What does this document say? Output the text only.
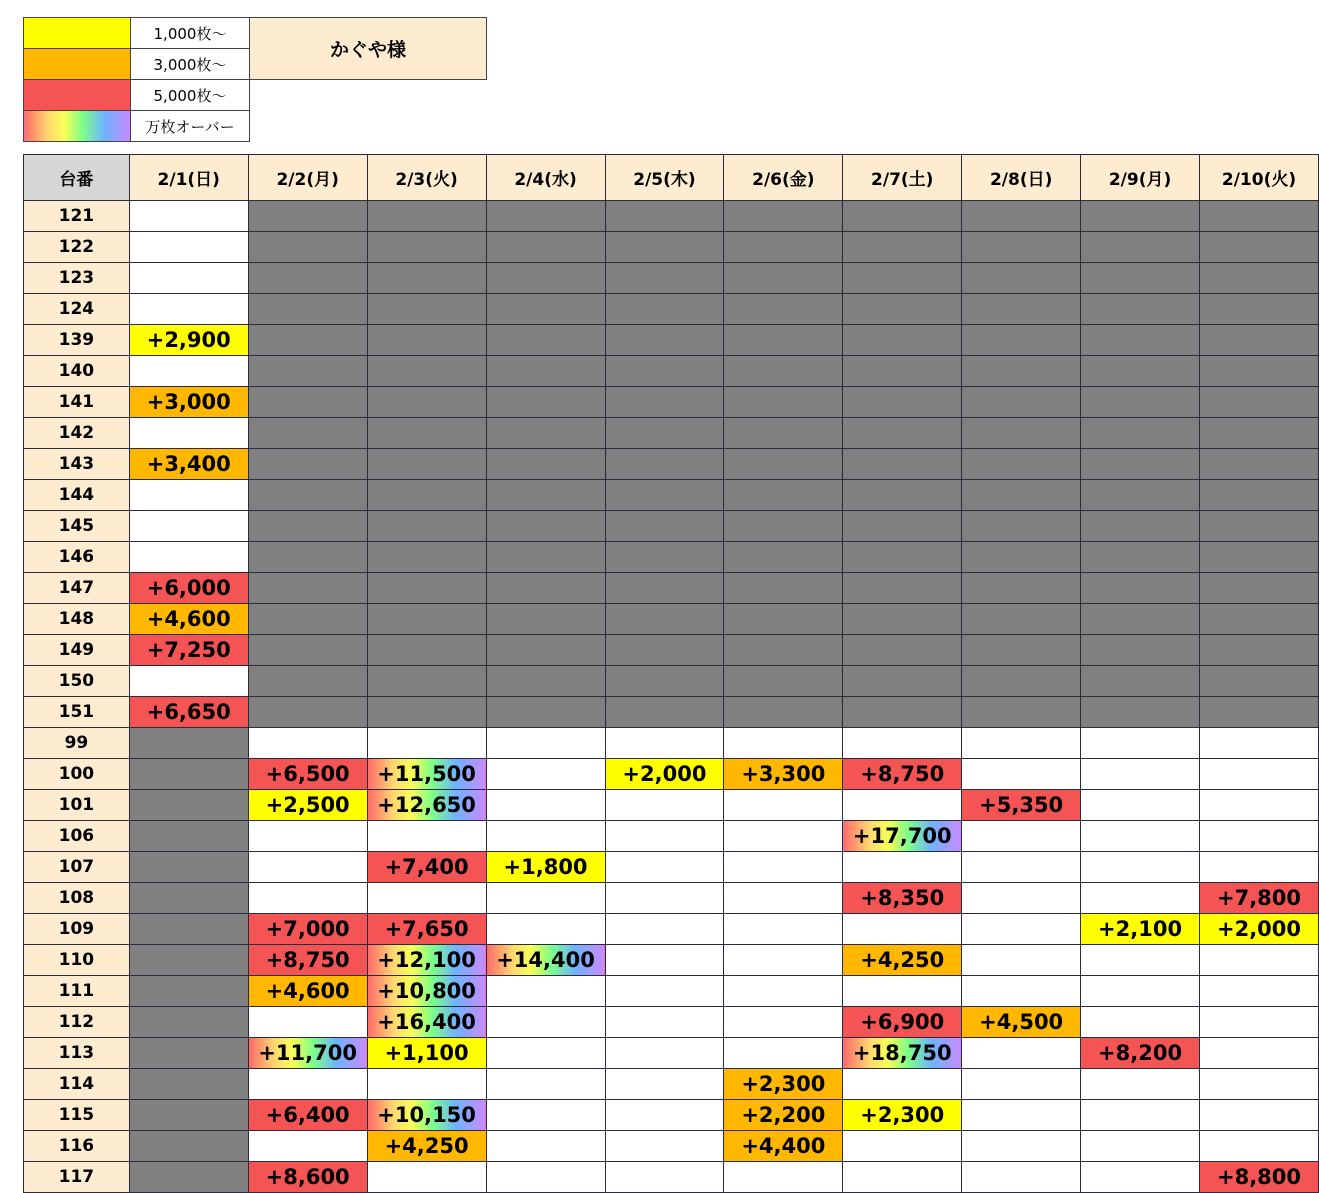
	1,000枚～	かぐや様
	3,000枚～	
	5,000枚～	
	万枚オーバー	
台番	2/1(日)	2/2(月)	2/3(火)	2/4(水)	2/5(木)	2/6(金)	2/7(土)	2/8(日)	2/9(月)	2/10(火)
121										
122										
123										
124										
139	+2,900									
140										
141	+3,000									
142										
143	+3,400									
144										
145										
146										
147	+6,000									
148	+4,600									
149	+7,250									
150										
151	+6,650									
99										
100		+6,500	+11,500		+2,000	+3,300	+8,750			
101		+2,500	+12,650					+5,350		
106							+17,700			
107			+7,400	+1,800						
108							+8,350			+7,800
109		+7,000	+7,650						+2,100	+2,000
110		+8,750	+12,100	+14,400			+4,250			
111		+4,600	+10,800							
112			+16,400				+6,900	+4,500		
113		+11,700	+1,100				+18,750		+8,200	
114						+2,300				
115		+6,400	+10,150			+2,200	+2,300			
116			+4,250			+4,400				
117		+8,600								+8,800
